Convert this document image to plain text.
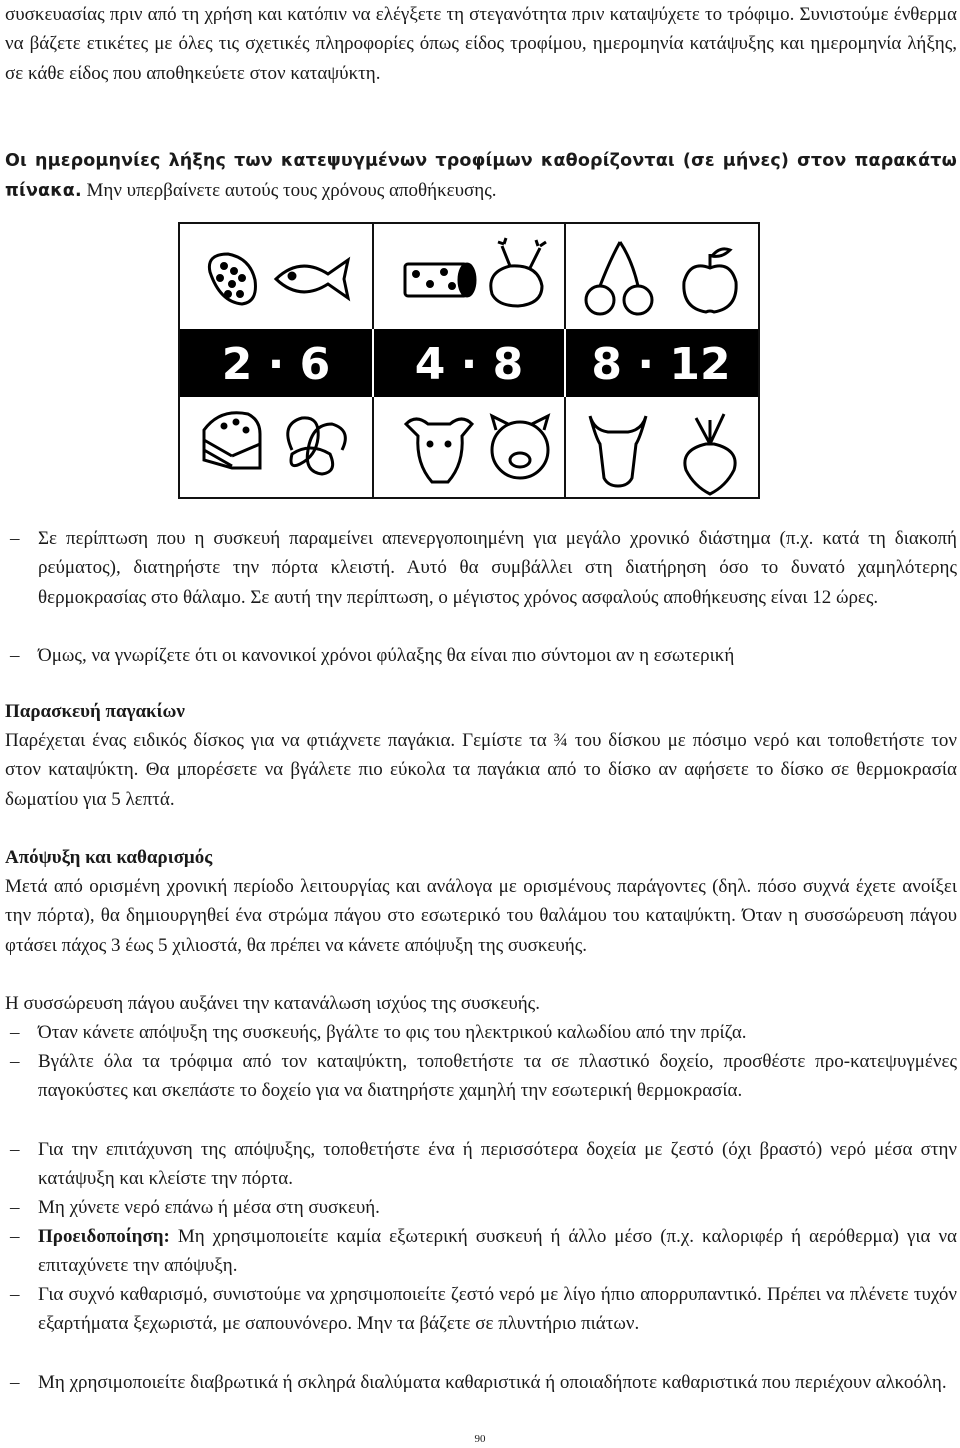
συσκευασίας πριν από τη χρήση και κατόπιν να ελέγξετε τη στεγανότητα πριν καταψύχετε το τρόφιμο. Συνιστούμε ένθερμα να βάζετε ετικέτες με όλες τις σχετικές πληροφορίες όπως είδος τροφίμου, ημερομηνία κατάψυξης και ημερομηνία λήξης, σε κάθε είδος που αποθηκεύετε στον καταψύκτη.

Οι ημερομηνίες λήξης των κατεψυγμένων τροφίμων καθορίζονται (σε μήνες) στον παρακάτω πίνακα. Μην υπερβαίνετε αυτούς τους χρόνους αποθήκευσης.

2 · 6 4 · 8 8 · 12
– Σε περίπτωση που η συσκευή παραμείνει απενεργοποιημένη για μεγάλο χρονικό διάστημα (π.χ. κατά τη διακοπή ρεύματος), διατηρήστε την πόρτα κλειστή. Αυτό θα συμβάλλει στη διατήρηση όσο το δυνατό χαμηλότερης θερμοκρασίας στο θάλαμο. Σε αυτή την περίπτωση, ο μέγιστος χρόνος ασφαλούς αποθήκευσης είναι 12 ώρες.

– Όμως, να γνωρίζετε ότι οι κανονικοί χρόνοι φύλαξης θα είναι πιο σύντομοι αν η εσωτερική

Παρασκευή παγακίων

Παρέχεται ένας ειδικός δίσκος για να φτιάχνετε παγάκια. Γεμίστε τα ¾ του δίσκου με πόσιμο νερό και τοποθετήστε τον στον καταψύκτη. Θα μπορέσετε να βγάλετε πιο εύκολα τα παγάκια από το δίσκο αν αφήσετε το δίσκο σε θερμοκρασία δωματίου για 5 λεπτά.

Απόψυξη και καθαρισμός

Μετά από ορισμένη χρονική περίοδο λειτουργίας και ανάλογα με ορισμένους παράγοντες (δηλ. πόσο συχνά έχετε ανοίξει την πόρτα), θα δημιουργηθεί ένα στρώμα πάγου στο εσωτερικό του θαλάμου του καταψύκτη. Όταν η συσσώρευση πάγου φτάσει πάχος 3 έως 5 χιλιοστά, θα πρέπει να κάνετε απόψυξη της συσκευής.

Η συσσώρευση πάγου αυξάνει την κατανάλωση ισχύος της συσκευής.

– Όταν κάνετε απόψυξη της συσκευής, βγάλτε το φις του ηλεκτρικού καλωδίου από την πρίζα.

– Βγάλτε όλα τα τρόφιμα από τον καταψύκτη, τοποθετήστε τα σε πλαστικό δοχείο, προσθέστε προ-κατεψυγμένες παγοκύστες και σκεπάστε το δοχείο για να διατηρήστε χαμηλή την εσωτερική θερμοκρασία.

– Για την επιτάχυνση της απόψυξης, τοποθετήστε ένα ή περισσότερα δοχεία με ζεστό (όχι βραστό) νερό μέσα στην κατάψυξη και κλείστε την πόρτα.

– Μη χύνετε νερό επάνω ή μέσα στη συσκευή.

– Προειδοποίηση: Μη χρησιμοποιείτε καμία εξωτερική συσκευή ή άλλο μέσο (π.χ. καλοριφέρ ή αερόθερμα) για να επιταχύνετε την απόψυξη.

– Για συχνό καθαρισμό, συνιστούμε να χρησιμοποιείτε ζεστό νερό με λίγο ήπιο απορρυπαντικό. Πρέπει να πλένετε τυχόν εξαρτήματα ξεχωριστά, με σαπουνόνερο. Μην τα βάζετε σε πλυντήριο πιάτων.

– Μη χρησιμοποιείτε διαβρωτικά ή σκληρά διαλύματα καθαριστικά ή οποιαδήποτε καθαριστικά που περιέχουν αλκοόλη.

90
